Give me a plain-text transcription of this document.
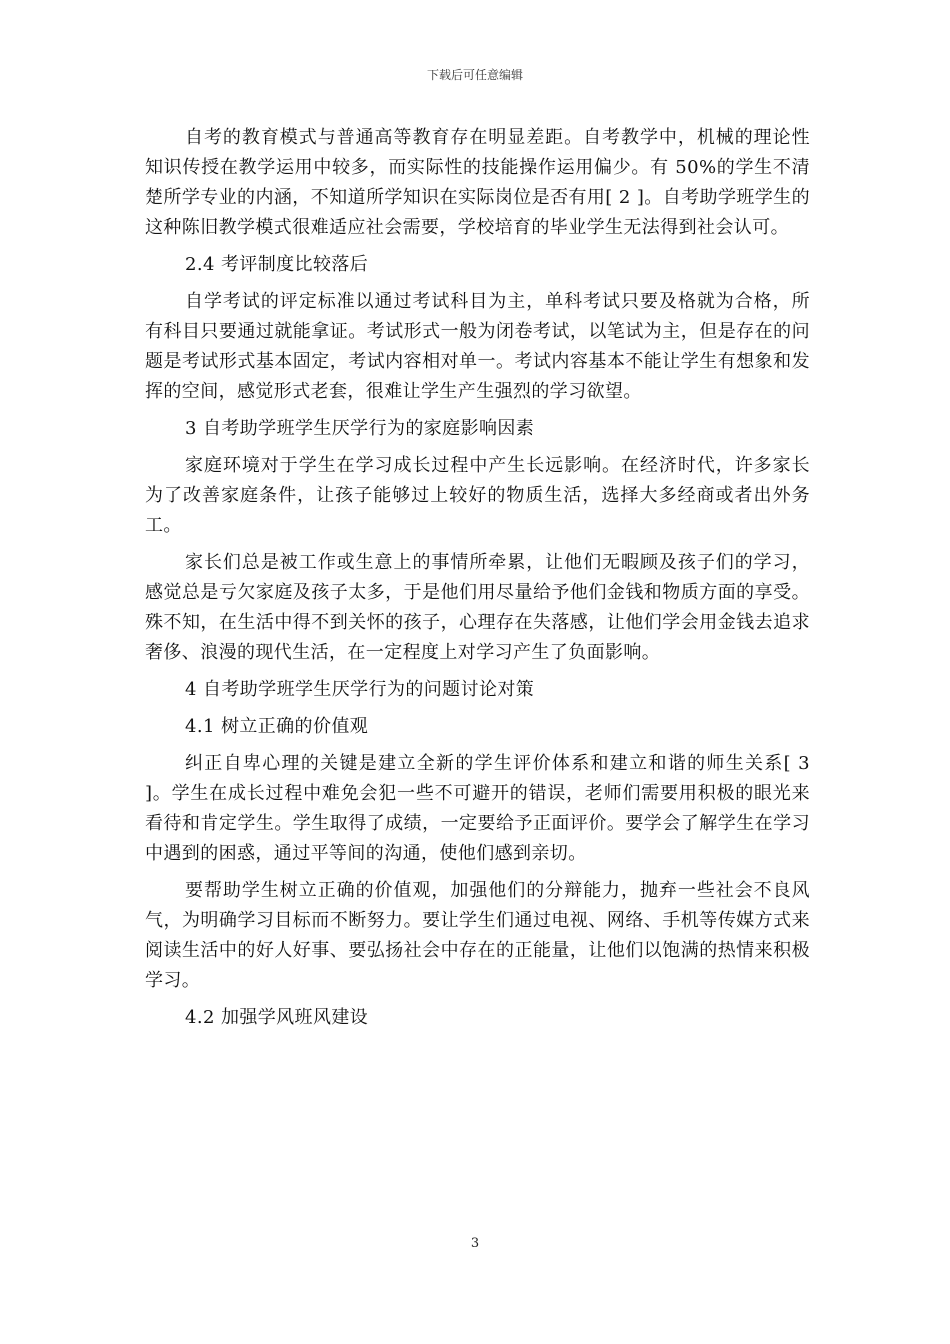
下载后可任意编辑

自考的教育模式与普通高等教育存在明显差距。自考教学中，机械的理论性知识传授在教学运用中较多，而实际性的技能操作运用偏少。有 50%的学生不清楚所学专业的内涵，不知道所学知识在实际岗位是否有用[ 2 ]。自考助学班学生的这种陈旧教学模式很难适应社会需要，学校培育的毕业学生无法得到社会认可。

2.4 考评制度比较落后

自学考试的评定标准以通过考试科目为主，单科考试只要及格就为合格，所有科目只要通过就能拿证。考试形式一般为闭卷考试，以笔试为主，但是存在的问题是考试形式基本固定，考试内容相对单一。考试内容基本不能让学生有想象和发挥的空间，感觉形式老套，很难让学生产生强烈的学习欲望。

3 自考助学班学生厌学行为的家庭影响因素

家庭环境对于学生在学习成长过程中产生长远影响。在经济时代，许多家长为了改善家庭条件，让孩子能够过上较好的物质生活，选择大多经商或者出外务工。

家长们总是被工作或生意上的事情所牵累，让他们无暇顾及孩子们的学习，感觉总是亏欠家庭及孩子太多，于是他们用尽量给予他们金钱和物质方面的享受。殊不知，在生活中得不到关怀的孩子，心理存在失落感，让他们学会用金钱去追求奢侈、浪漫的现代生活，在一定程度上对学习产生了负面影响。

4 自考助学班学生厌学行为的问题讨论对策

4.1 树立正确的价值观

纠正自卑心理的关键是建立全新的学生评价体系和建立和谐的师生关系[ 3 ]。学生在成长过程中难免会犯一些不可避开的错误，老师们需要用积极的眼光来看待和肯定学生。学生取得了成绩，一定要给予正面评价。要学会了解学生在学习中遇到的困惑，通过平等间的沟通，使他们感到亲切。

要帮助学生树立正确的价值观，加强他们的分辩能力，抛弃一些社会不良风气，为明确学习目标而不断努力。要让学生们通过电视、网络、手机等传媒方式来阅读生活中的好人好事、要弘扬社会中存在的正能量，让他们以饱满的热情来积极学习。

4.2 加强学风班风建设

3
